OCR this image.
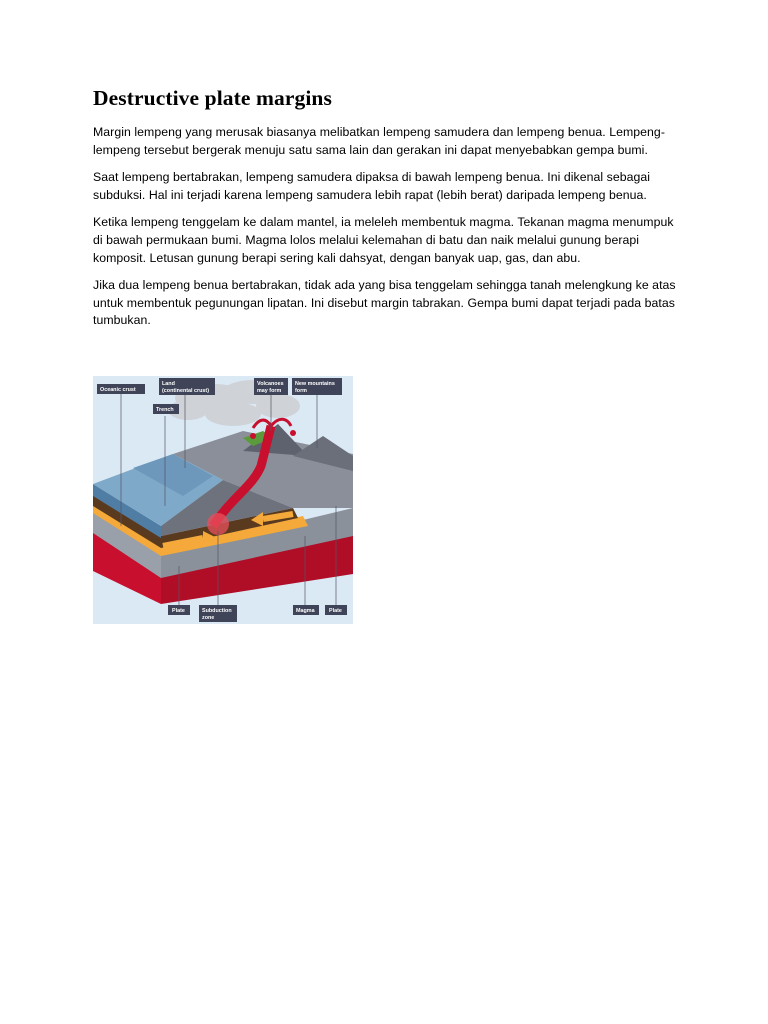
Destructive plate margins

Margin lempeng yang merusak biasanya melibatkan lempeng samudera dan lempeng benua. Lempeng-lempeng tersebut bergerak menuju satu sama lain dan gerakan ini dapat menyebabkan gempa bumi.

Saat lempeng bertabrakan, lempeng samudera dipaksa di bawah lempeng benua. Ini dikenal sebagai subduksi. Hal ini terjadi karena lempeng samudera lebih rapat (lebih berat) daripada lempeng benua.

Ketika lempeng tenggelam ke dalam mantel, ia meleleh membentuk magma. Tekanan magma menumpuk di bawah permukaan bumi. Magma lolos melalui kelemahan di batu dan naik melalui gunung berapi komposit. Letusan gunung berapi sering kali dahsyat, dengan banyak uap, gas, dan abu.

Jika dua lempeng benua bertabrakan, tidak ada yang bisa tenggelam sehingga tanah melengkung ke atas untuk membentuk pegunungan lipatan. Ini disebut margin tabrakan. Gempa bumi dapat terjadi pada batas tumbukan.

Oceanic crust
Land
(continental crust)
Trench
Volcanoes
may form
New mountains
form
Plate	Subduction
zone
Magma	Plate
